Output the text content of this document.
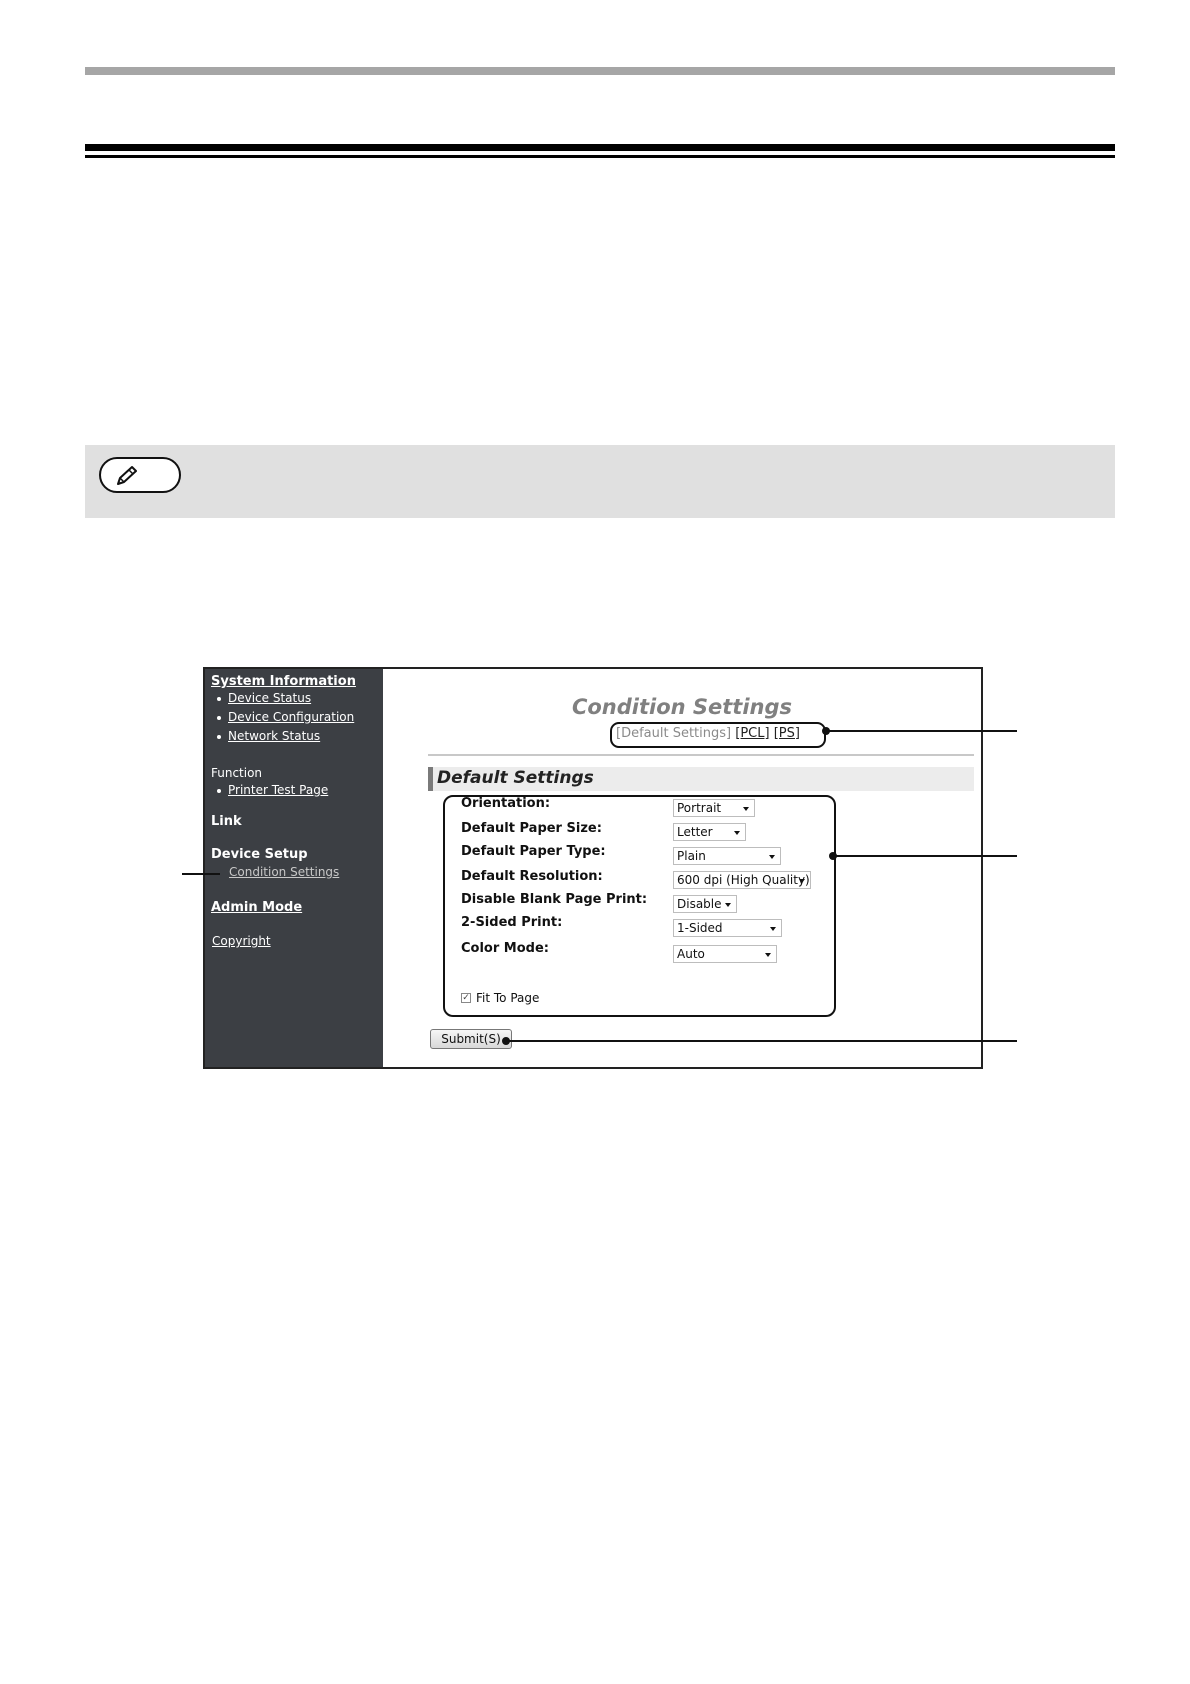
System Information
Device Status
Device Configuration
Network Status
Function
Printer Test Page
Link
Device Setup
Condition Settings
Admin Mode
Copyright
Condition Settings
[Default Settings] [PCL] [PS]
Default Settings
Orientation:	Portrait
Default Paper Size:	Letter
Default Paper Type:	Plain
Default Resolution:	600 dpi (High Quality)
Disable Blank Page Print:	Disable
2-Sided Print:	1-Sided
Color Mode:	Auto
✓ Fit To Page
Submit(S)
